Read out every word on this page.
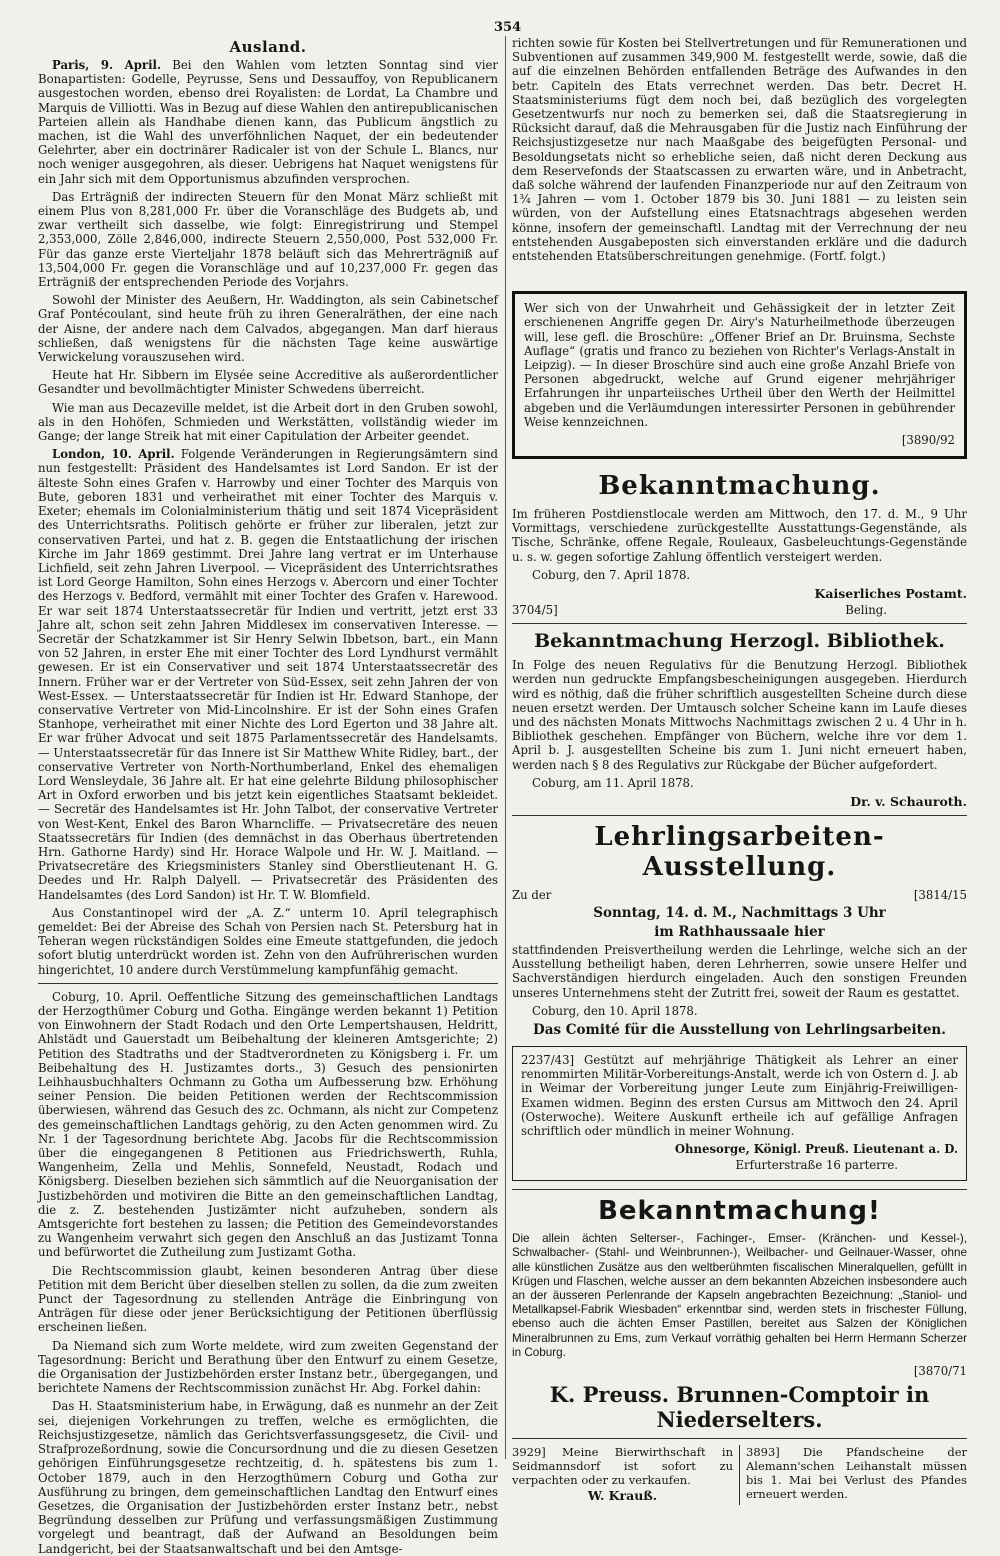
354
Ausland.

Paris, 9. April. Bei den Wahlen vom letzten Sonntag sind vier Bonapartisten: Godelle, Peyrusse, Sens und Dessauffoy, von Republicanern ausgestochen worden, ebenso drei Royalisten: de Lordat, La Chambre und Marquis de Villiotti. Was in Bezug auf diese Wahlen den antirepublicanischen Parteien allein als Handhabe dienen kann, das Publicum ängstlich zu machen, ist die Wahl des unverföhnlichen Naquet, der ein bedeutender Gelehrter, aber ein doctrinärer Radicaler ist von der Schule L. Blancs, nur noch weniger ausgegohren, als dieser. Uebrigens hat Naquet wenigstens für ein Jahr sich mit dem Opportunismus abzufinden versprochen.

Das Erträgniß der indirecten Steuern für den Monat März schließt mit einem Plus von 8,281,000 Fr. über die Voranschläge des Budgets ab, und zwar vertheilt sich dasselbe, wie folgt: Einregistrirung und Stempel 2,353,000, Zölle 2,846,000, indirecte Steuern 2,550,000, Post 532,000 Fr. Für das ganze erste Vierteljahr 1878 beläuft sich das Mehrerträgniß auf 13,504,000 Fr. gegen die Voranschläge und auf 10,237,000 Fr. gegen das Erträgniß der entsprechenden Periode des Vorjahrs.

Sowohl der Minister des Aeußern, Hr. Waddington, als sein Cabinetschef Graf Pontécoulant, sind heute früh zu ihren Generalräthen, der eine nach der Aisne, der andere nach dem Calvados, abgegangen. Man darf hieraus schließen, daß wenigstens für die nächsten Tage keine auswärtige Verwickelung vorauszusehen wird.

Heute hat Hr. Sibbern im Elysée seine Accreditive als außerordentlicher Gesandter und bevollmächtigter Minister Schwedens überreicht.

Wie man aus Decazeville meldet, ist die Arbeit dort in den Gruben sowohl, als in den Hohöfen, Schmieden und Werkstätten, vollständig wieder im Gange; der lange Streik hat mit einer Capitulation der Arbeiter geendet.

London, 10. April. Folgende Veränderungen in Regierungsämtern sind nun festgestellt: Präsident des Handelsamtes ist Lord Sandon. Er ist der älteste Sohn eines Grafen v. Harrowby und einer Tochter des Marquis von Bute, geboren 1831 und verheirathet mit einer Tochter des Marquis v. Exeter; ehemals im Colonialministerium thätig und seit 1874 Vicepräsident des Unterrichtsraths. Politisch gehörte er früher zur liberalen, jetzt zur conservativen Partei, und hat z. B. gegen die Entstaatlichung der irischen Kirche im Jahr 1869 gestimmt. Drei Jahre lang vertrat er im Unterhause Lichfield, seit zehn Jahren Liverpool. — Vicepräsident des Unterrichtsrathes ist Lord George Hamilton, Sohn eines Herzogs v. Abercorn und einer Tochter des Herzogs v. Bedford, vermählt mit einer Tochter des Grafen v. Harewood. Er war seit 1874 Unterstaatssecretär für Indien und vertritt, jetzt erst 33 Jahre alt, schon seit zehn Jahren Middlesex im conservativen Interesse. — Secretär der Schatzkammer ist Sir Henry Selwin Ibbetson, bart., ein Mann von 52 Jahren, in erster Ehe mit einer Tochter des Lord Lyndhurst vermählt gewesen. Er ist ein Conservativer und seit 1874 Unterstaatssecretär des Innern. Früher war er der Vertreter von Süd-Essex, seit zehn Jahren der von West-Essex. — Unterstaatssecretär für Indien ist Hr. Edward Stanhope, der conservative Vertreter von Mid-Lincolnshire. Er ist der Sohn eines Grafen Stanhope, verheirathet mit einer Nichte des Lord Egerton und 38 Jahre alt. Er war früher Advocat und seit 1875 Parlamentssecretär des Handelsamts. — Unterstaatssecretär für das Innere ist Sir Matthew White Ridley, bart., der conservative Vertreter von North-Northumberland, Enkel des ehemaligen Lord Wensleydale, 36 Jahre alt. Er hat eine gelehrte Bildung philosophischer Art in Oxford erworben und bis jetzt kein eigentliches Staatsamt bekleidet. — Secretär des Handelsamtes ist Hr. John Talbot, der conservative Vertreter von West-Kent, Enkel des Baron Wharncliffe. — Privatsecretäre des neuen Staatssecretärs für Indien (des demnächst in das Oberhaus übertretenden Hrn. Gathorne Hardy) sind Hr. Horace Walpole und Hr. W. J. Maitland. — Privatsecretäre des Kriegsministers Stanley sind Oberstlieutenant H. G. Deedes und Hr. Ralph Dalyell. — Privatsecretär des Präsidenten des Handelsamtes (des Lord Sandon) ist Hr. T. W. Blomfield.

Aus Constantinopel wird der „A. Z.“ unterm 10. April telegraphisch gemeldet: Bei der Abreise des Schah von Persien nach St. Petersburg hat in Teheran wegen rückständigen Soldes eine Emeute stattgefunden, die jedoch sofort blutig unterdrückt worden ist. Zehn von den Aufrührerischen wurden hingerichtet, 10 andere durch Verstümmelung kampfunfähig gemacht.

Coburg, 10. April. Oeffentliche Sitzung des gemeinschaftlichen Landtags der Herzogthümer Coburg und Gotha. Eingänge werden bekannt 1) Petition von Einwohnern der Stadt Rodach und den Orte Lempertshausen, Heldritt, Ahlstädt und Gauerstadt um Beibehaltung der kleineren Amtsgerichte; 2) Petition des Stadtraths und der Stadtverordneten zu Königsberg i. Fr. um Beibehaltung des H. Justizamtes dorts., 3) Gesuch des pensionirten Leihhausbuchhalters Ochmann zu Gotha um Aufbesserung bzw. Erhöhung seiner Pension. Die beiden Petitionen werden der Rechtscommission überwiesen, während das Gesuch des zc. Ochmann, als nicht zur Competenz des gemeinschaftlichen Landtags gehörig, zu den Acten genommen wird. Zu Nr. 1 der Tagesordnung berichtete Abg. Jacobs für die Rechtscommission über die eingegangenen 8 Petitionen aus Friedrichswerth, Ruhla, Wangenheim, Zella und Mehlis, Sonnefeld, Neustadt, Rodach und Königsberg. Dieselben beziehen sich sämmtlich auf die Neuorganisation der Justizbehörden und motiviren die Bitte an den gemeinschaftlichen Landtag, die z. Z. bestehenden Justizämter nicht aufzuheben, sondern als Amtsgerichte fort bestehen zu lassen; die Petition des Gemeindevorstandes zu Wangenheim verwahrt sich gegen den Anschluß an das Justizamt Tonna und befürwortet die Zutheilung zum Justizamt Gotha.

Die Rechtscommission glaubt, keinen besonderen Antrag über diese Petition mit dem Bericht über dieselben stellen zu sollen, da die zum zweiten Punct der Tagesordnung zu stellenden Anträge die Einbringung von Anträgen für diese oder jener Berücksichtigung der Petitionen überflüssig erscheinen ließen.

Da Niemand sich zum Worte meldete, wird zum zweiten Gegenstand der Tagesordnung: Bericht und Berathung über den Entwurf zu einem Gesetze, die Organisation der Justizbehörden erster Instanz betr., übergegangen, und berichtete Namens der Rechtscommission zunächst Hr. Abg. Forkel dahin:

Das H. Staatsministerium habe, in Erwägung, daß es nunmehr an der Zeit sei, diejenigen Vorkehrungen zu treffen, welche es ermöglichten, die Reichsjustizgesetze, nämlich das Gerichtsverfassungsgesetz, die Civil- und Strafprozeßordnung, sowie die Concursordnung und die zu diesen Gesetzen gehörigen Einführungsgesetze rechtzeitig, d. h. spätestens bis zum 1. October 1879, auch in den Herzogthümern Coburg und Gotha zur Ausführung zu bringen, dem gemeinschaftlichen Landtag den Entwurf eines Gesetzes, die Organisation der Justizbehörden erster Instanz betr., nebst Begründung desselben zur Prüfung und verfassungsmäßigen Zustimmung vorgelegt und beantragt, daß der Aufwand an Besoldungen beim Landgericht, bei der Staatsanwaltschaft und bei den Amtsge-

richten sowie für Kosten bei Stellvertretungen und für Remunerationen und Subventionen auf zusammen 349,900 M. festgestellt werde, sowie, daß die auf die einzelnen Behörden entfallenden Beträge des Aufwandes in den betr. Capiteln des Etats verrechnet werden. Das betr. Decret H. Staatsministeriums fügt dem noch bei, daß bezüglich des vorgelegten Gesetzentwurfs nur noch zu bemerken sei, daß die Staatsregierung in Rücksicht darauf, daß die Mehrausgaben für die Justiz nach Einführung der Reichsjustizgesetze nur nach Maaßgabe des beigefügten Personal- und Besoldungsetats nicht so erhebliche seien, daß nicht deren Deckung aus dem Reservefonds der Staatscassen zu erwarten wäre, und in Anbetracht, daß solche während der laufenden Finanzperiode nur auf den Zeitraum von 1¾ Jahren — vom 1. October 1879 bis 30. Juni 1881 — zu leisten sein würden, von der Aufstellung eines Etatsnachtrags abgesehen werden könne, insofern der gemeinschaftl. Landtag mit der Verrechnung der neu entstehenden Ausgabeposten sich einverstanden erkläre und die dadurch entstehenden Etatsüberschreitungen genehmige. (Fortf. folgt.)

Wer sich von der Unwahrheit und Gehässigkeit der in letzter Zeit erschienenen Angriffe gegen Dr. Airy's Naturheilmethode überzeugen will, lese gefl. die Broschüre: „Offener Brief an Dr. Bruinsma, Sechste Auflage“ (gratis und franco zu beziehen von Richter's Verlags-Anstalt in Leipzig). — In dieser Broschüre sind auch eine große Anzahl Briefe von Personen abgedruckt, welche auf Grund eigener mehrjähriger Erfahrungen ihr unparteiisches Urtheil über den Werth der Heilmittel abgeben und die Verläumdungen interessirter Personen in gebührender Weise kennzeichnen.

[3890/92
Bekanntmachung.

Im früheren Postdienstlocale werden am Mittwoch, den 17. d. M., 9 Uhr Vormittags, verschiedene zurückgestellte Ausstattungs-Gegenstände, als Tische, Schränke, offene Regale, Rouleaux, Gasbeleuchtungs-Gegenstände u. s. w. gegen sofortige Zahlung öffentlich versteigert werden.

Coburg, den 7. April 1878.

Kaiserliches Postamt.
3704/5]	Beling.
Bekanntmachung Herzogl. Bibliothek.

In Folge des neuen Regulativs für die Benutzung Herzogl. Bibliothek werden nun gedruckte Empfangsbescheinigungen ausgegeben. Hierdurch wird es nöthig, daß die früher schriftlich ausgestellten Scheine durch diese neuen ersetzt werden. Der Umtausch solcher Scheine kann im Laufe dieses und des nächsten Monats Mittwochs Nachmittags zwischen 2 u. 4 Uhr in h. Bibliothek geschehen. Empfänger von Büchern, welche ihre vor dem 1. April b. J. ausgestellten Scheine bis zum 1. Juni nicht erneuert haben, werden nach § 8 des Regulativs zur Rückgabe der Bücher aufgefordert.

Coburg, am 11. April 1878.

Dr. v. Schauroth.
Lehrlingsarbeiten-Ausstellung.
Zu der	[3814/15
Sonntag, 14. d. M., Nachmittags 3 Uhr
im Rathhaussaale hier

stattfindenden Preisvertheilung werden die Lehrlinge, welche sich an der Ausstellung betheiligt haben, deren Lehrherren, sowie unsere Helfer und Sachverständigen hierdurch eingeladen. Auch den sonstigen Freunden unseres Unternehmens steht der Zutritt frei, soweit der Raum es gestattet.

Coburg, den 10. April 1878.

Das Comité für die Ausstellung von Lehrlingsarbeiten.

2237/43] Gestützt auf mehrjährige Thätigkeit als Lehrer an einer renommirten Militär-Vorbereitungs-Anstalt, werde ich von Ostern d. J. ab in Weimar der Vorbereitung junger Leute zum Einjährig-Freiwilligen-Examen widmen. Beginn des ersten Cursus am Mittwoch den 24. April (Osterwoche). Weitere Auskunft ertheile ich auf gefällige Anfragen schriftlich oder mündlich in meiner Wohnung.

Ohnesorge, Königl. Preuß. Lieutenant a. D.
Erfurterstraße 16 parterre.
Bekanntmachung!

Die allein ächten Selterser-, Fachinger-, Emser- (Kränchen- und Kessel-), Schwalbacher- (Stahl- und Weinbrunnen-), Weilbacher- und Geilnauer-Wasser, ohne alle künstlichen Zusätze aus den weltberühmten fiscalischen Mineralquellen, gefüllt in Krügen und Flaschen, welche ausser an dem bekannten Abzeichen insbesondere auch an der äusseren Perlenrande der Kapseln angebrachten Bezeichnung: „Staniol- und Metallkapsel-Fabrik Wiesbaden“ erkenntbar sind, werden stets in frischester Füllung, ebenso auch die ächten Emser Pastillen, bereitet aus Salzen der Königlichen Mineralbrunnen zu Ems, zum Verkauf vorräthig gehalten bei Herrn Hermann Scherzer in Coburg.

[3870/71
K. Preuss. Brunnen-Comptoir in Niederselters.
3929] Meine Bierwirthschaft in Seidmannsdorf ist sofort zu verpachten oder zu verkaufen.
W. Krauß.
3893] Die Pfandscheine der Alemann'schen Leihanstalt müssen bis 1. Mai bei Verlust des Pfandes erneuert werden.
